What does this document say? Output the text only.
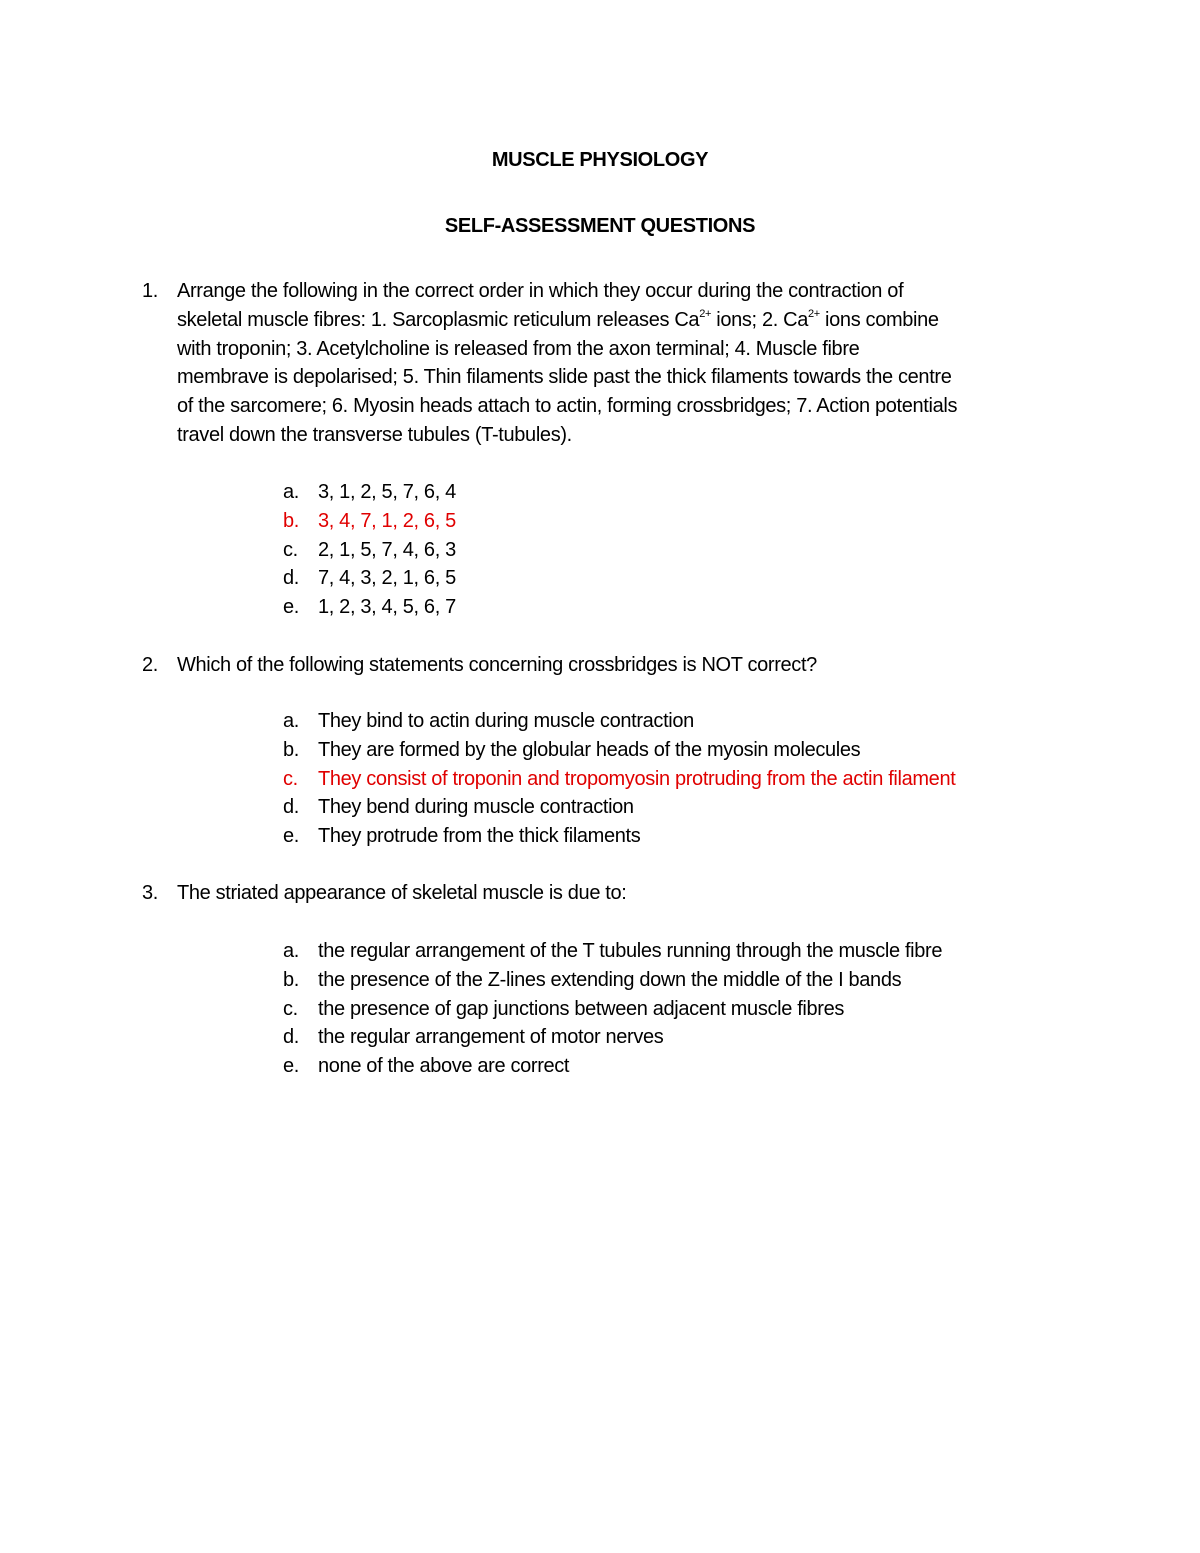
MUSCLE PHYSIOLOGY
SELF-ASSESSMENT QUESTIONS
1. Arrange the following in the correct order in which they occur during the contraction of
skeletal muscle fibres: 1. Sarcoplasmic reticulum releases $Ca^{2+}$ ions; 2. $Ca^{2+}$ ions combine
with troponin; 3. Acetylcholine is released from the axon terminal; 4. Muscle fibre
membrave is depolarised; 5. Thin filaments slide past the thick filaments towards the centre
of the sarcomere; 6. Myosin heads attach to actin, forming crossbridges; 7. Action potentials
travel down the transverse tubules (T-tubules).
a. 3, 1, 2, 5, 7, 6, 4
b. 3, 4, 7, 1, 2, 6, 5
c. 2, 1, 5, 7, 4, 6, 3
d. 7, 4, 3, 2, 1, 6, 5
e. 1, 2, 3, 4, 5, 6, 7
2. Which of the following statements concerning crossbridges is NOT correct?
a. They bind to actin during muscle contraction
b. They are formed by the globular heads of the myosin molecules
c. They consist of troponin and tropomyosin protruding from the actin filament
d. They bend during muscle contraction
e. They protrude from the thick filaments
3. The striated appearance of skeletal muscle is due to:
a. the regular arrangement of the T tubules running through the muscle fibre
b. the presence of the Z-lines extending down the middle of the I bands
c. the presence of gap junctions between adjacent muscle fibres
d. the regular arrangement of motor nerves
e. none of the above are correct
